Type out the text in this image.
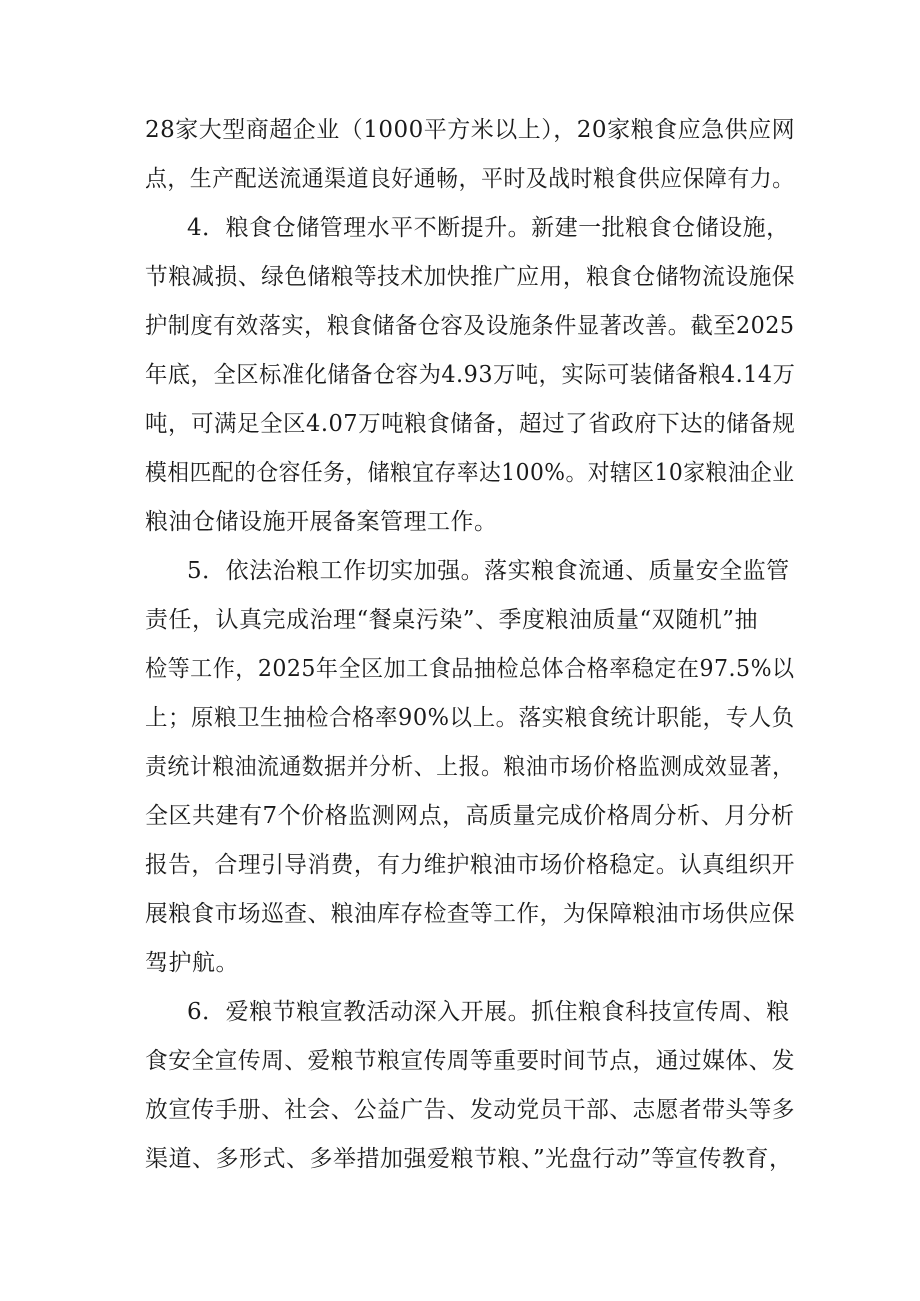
28家大型商超企业（1000平方米以上），20家粮食应急供应网
点，生产配送流通渠道良好通畅，平时及战时粮食供应保障有力。
4．粮食仓储管理水平不断提升。新建一批粮食仓储设施，
节粮减损、绿色储粮等技术加快推广应用，粮食仓储物流设施保
护制度有效落实，粮食储备仓容及设施条件显著改善。截至2025
年底，全区标准化储备仓容为4.93万吨，实际可装储备粮4.14万
吨，可满足全区4.07万吨粮食储备，超过了省政府下达的储备规
模相匹配的仓容任务，储粮宜存率达100%。对辖区10家粮油企业
粮油仓储设施开展备案管理工作。
5．依法治粮工作切实加强。落实粮食流通、质量安全监管
责任，认真完成治理“餐桌污染”、季度粮油质量“双随机”抽
检等工作，2025年全区加工食品抽检总体合格率稳定在97.5%以
上；原粮卫生抽检合格率90%以上。落实粮食统计职能，专人负
责统计粮油流通数据并分析、上报。粮油市场价格监测成效显著，
全区共建有7个价格监测网点，高质量完成价格周分析、月分析
报告，合理引导消费，有力维护粮油市场价格稳定。认真组织开
展粮食市场巡查、粮油库存检查等工作，为保障粮油市场供应保
驾护航。
6．爱粮节粮宣教活动深入开展。抓住粮食科技宣传周、粮
食安全宣传周、爱粮节粮宣传周等重要时间节点，通过媒体、发
放宣传手册、社会、公益广告、发动党员干部、志愿者带头等多
渠道、多形式、多举措加强爱粮节粮、”光盘行动”等宣传教育，
